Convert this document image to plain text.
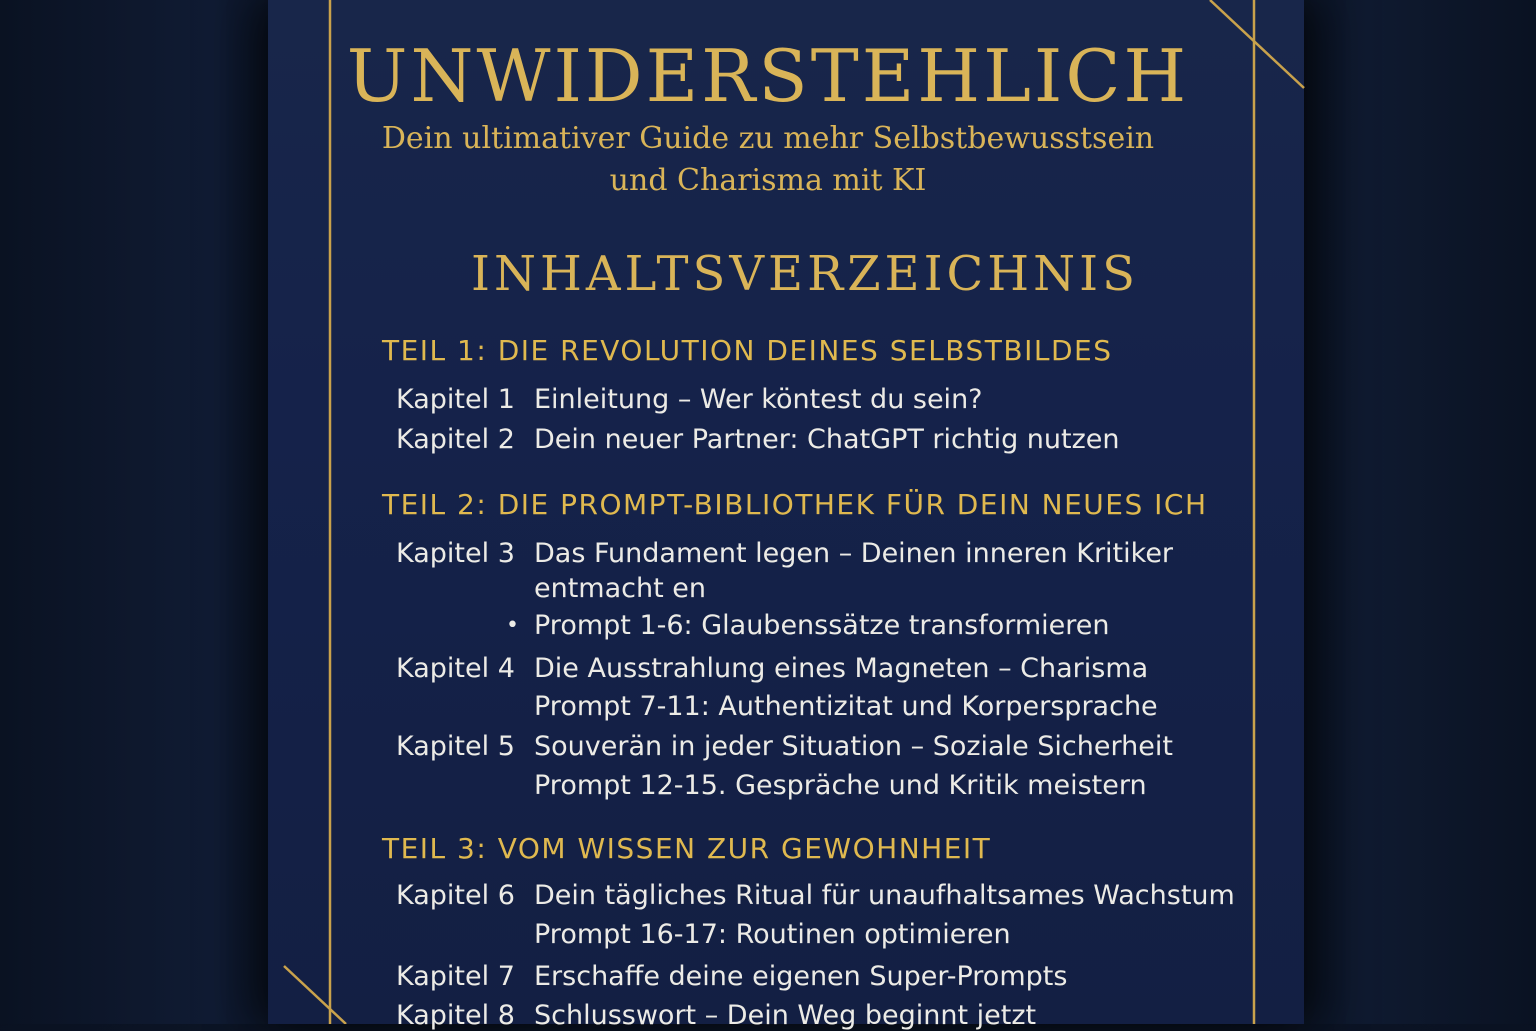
UNWIDERSTEHLICH
Dein ultimativer Guide zu mehr Selbstbewusstsein
und Charisma mit KI
INHALTSVERZEICHNIS
TEIL 1: DIE REVOLUTION DEINES SELBSTBILDES
Kapitel 1 Einleitung – Wer köntest du sein?
Kapitel 2 Dein neuer Partner: ChatGPT richtig nutzen
TEIL 2: DIE PROMPT-BIBLIOTHEK FÜR DEIN NEUES ICH
Kapitel 3 Das Fundament legen – Deinen inneren Kritiker
entmacht en
• Prompt 1-6: Glaubenssätze transformieren
Kapitel 4 Die Ausstrahlung eines Magneten – Charisma
Prompt 7-11: Authentizitat und Korpersprache
Kapitel 5 Souverän in jeder Situation – Soziale Sicherheit
Prompt 12-15. Gespräche und Kritik meistern
TEIL 3: VOM WISSEN ZUR GEWOHNHEIT
Kapitel 6 Dein tägliches Ritual für unaufhaltsames Wachstum
Prompt 16-17: Routinen optimieren
Kapitel 7 Erschaffe deine eigenen Super-Prompts
Kapitel 8 Schlusswort – Dein Weg beginnt jetzt
